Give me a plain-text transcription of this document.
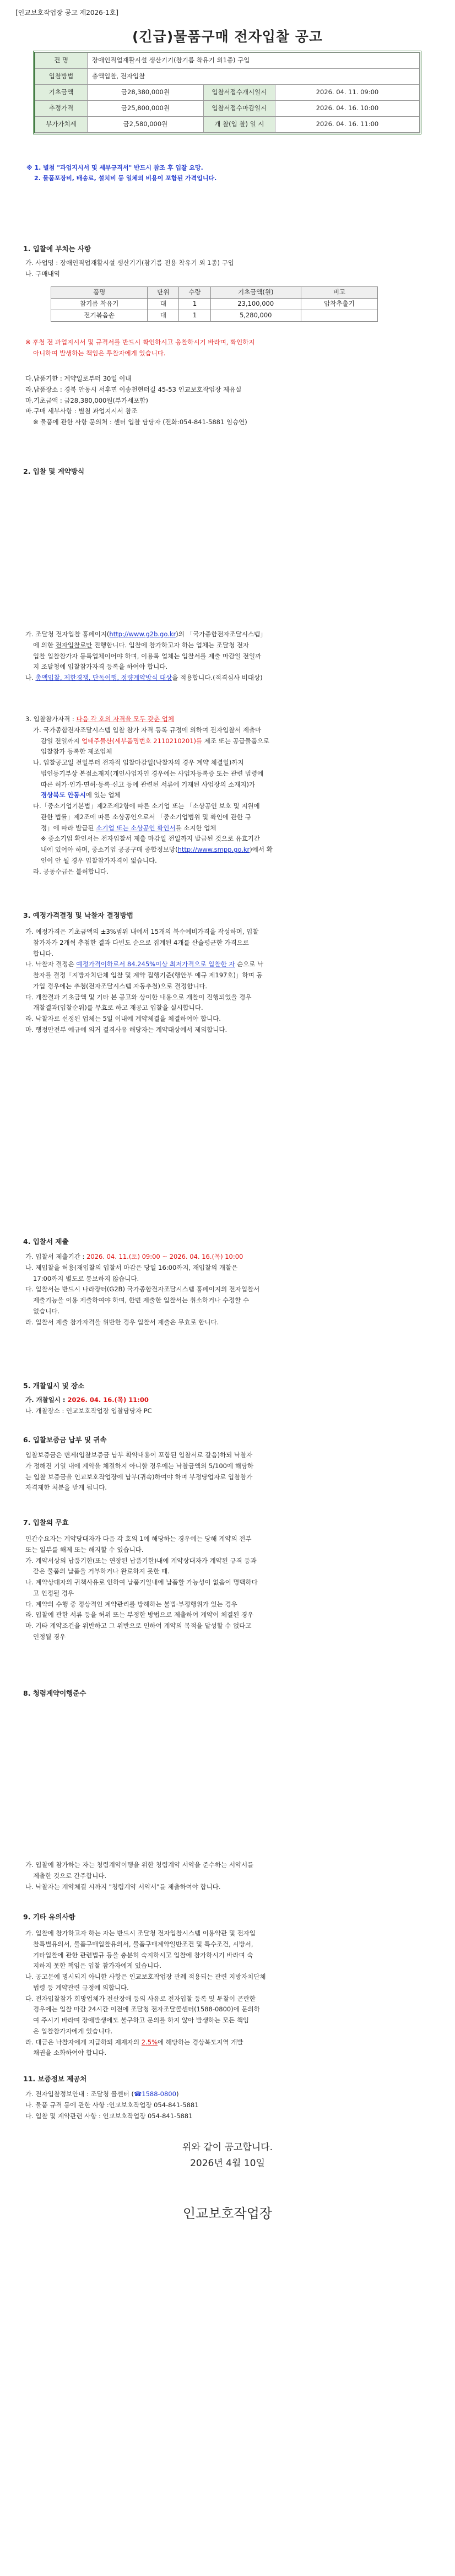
[인교보호작업장 공고 제2026-1호]
(긴급)물품구매 전자입찰 공고
건 명	장애인직업재활시설 생산기기(참기름 착유기 외1종) 구입		
입찰방법	총액입찰, 전자입찰		
기초금액	금28,380,000원	입찰서접수개시일시	2026. 04. 11. 09:00
추정가격	금25,800,000원	입찰서접수마감일시	2026. 04. 16. 10:00
부가가치세	금2,580,000원	개 찰(입 찰) 일 시	2026. 04. 16. 11:00
※ 1. 별첨 "과업지시서 및 세부규격서" 반드시 참조 후 입찰 요망.
2. 물품포장비, 배송료, 설치비 등 일체의 비용이 포함된 가격입니다.
1. 입찰에 부치는 사항
가. 사업명 : 장애인직업재활시설 생산기기(참기름 전용 착유기 외 1종) 구입
나. 구매내역
품명	단위	수량	기초금액(원)	비고
참기름 착유기	대	1	23,100,000	압착추출기
전기볶음솥	대	1	5,280,000	
※ 후첨 전 과업지시서 및 규격서를 반드시 확인하시고 응찰하시기 바라며, 확인하지
아니하여 발생하는 책임은 투찰자에게 있습니다.
다.납품기한 : 계약일로부터 30일 이내
라.납품장소 : 경북 안동시 서후면 이송천현터길 45-53 인교보호작업장 제유실
마.기초금액 : 금28,380,000원(부가세포함)
바.구매 세부사항 : 별첨 과업지시서 참조
※ 물품에 관한 사항 문의처 : 센터 입찰 담당자 (전화:054-841-5881 임승연)
2. 입찰 및 계약방식
가. 조달청 전자입찰 홈페이지(http://www.g2b.go.kr)의 「국가종합전자조달시스템」
에 의한 전자입찰로만 진행합니다. 입찰에 참가하고자 하는 업체는 조달청 전자
입찰 입찰참가자 등록업체이어야 하며, 이용록 업체는 입찰서를 제출 마감일 전일까
지 조달청에 입찰참가자격 등록을 하여야 합니다.
나. 총액입찰, 제한경쟁, 단독이행, 정량계약방식 대상을 적용합니다.(적격심사 비대상)
3. 입찰참가자격 : 다음 각 호의 자격을 모두 갖춘 업체
가. 국가종합전자조달시스템 입찰 참가 자격 등록 규정에 의하여 전자입찰서 제출마
감일 전일까지 업태주물산(세부품명번호 2110210201)를 제조 또는 공급물품으로
입찰참가 등록한 제조업체
나. 입찰공고일 전일부터 전자적 입찰마감일(낙찰자의 경우 계약 체결일)까지
법인등기부상 본점소재지(개인사업자인 경우에는 사업자등록증 또는 관련 법령에
따른 허가·인가·면허·등록·신고 등에 관련된 서류에 기재된 사업장의 소재지)가
경상북도 안동시에 있는 업체
다.「중소기업기본법」제2조제2항에 따른 소기업 또는 「소상공인 보호 및 지원에
관한 법률」제2조에 따른 소상공인으로서 「중소기업범위 및 확인에 관한 규
정」에 따라 발급된 소기업 또는 소상공인 확인서를 소지한 업체
※ 중소기업 확인서는 전자입찰서 제출 마감일 전일까지 발급된 것으로 유효기간
내에 있어야 하며, 중소기업 공공구매 종합정보망(http://www.smpp.go.kr)에서 확
인이 안 될 경우 입찰참가자격이 없습니다.
라. 공동수급은 불허합니다.
3. 예정가격결정 및 낙찰자 결정방법
가. 예정가격은 기초금액의 ±3%범위 내에서 15개의 복수예비가격을 작성하며, 입찰
참가자가 2개씩 추첨한 결과 다빈도 순으로 집계된 4개를 산술평균한 가격으로
합니다.
나. 낙찰자 결정은 예정가격이하로서 84.245%이상 최저가격으로 입찰한 자 순으로 낙
찰자를 결정「지방자치단체 입찰 및 계약 집행기준(행안부 예규 제197호)」하며 동
가입 경우에는 추첨(전자조달시스템 자동추첨)으로 결정합니다.
다. 개찰결과 기초금액 및 기타 본 공고와 상이한 내용으로 개찰이 진행되었을 경우
개찰결과(입찰순위)를 무효로 하고 재공고 입찰을 실시합니다.
라. 낙찰자로 선정된 업체는 5일 이내에 계약체결을 체결하여야 합니다.
마. 행정안전부 예규에 의거 결격사유 해당자는 계약대상에서 제외합니다.
4. 입찰서 제출
가. 입찰서 제출기간 : 2026. 04. 11.(토) 09:00 ~ 2026. 04. 16.(목) 10:00
나. 제입찰을 허용(재입찰의 입찰서 마감은 당일 16:00까지, 재입찰의 개찰은
17:00까지 별도로 통보하지 않습니다.
다. 입찰서는 반드시 나라장터(G2B) 국가종합전자조달시스템 홈페이지의 전자입찰서
제출기능을 이용 제출하여야 하며, 한번 제출한 입찰서는 취소하거나 수정할 수
없습니다.
라. 입찰서 제출 참가자격을 위반한 경우 입찰서 제출은 무효로 합니다.
5. 개찰일시 및 장소
가. 개찰일시 : 2026. 04. 16.(목) 11:00
나. 개찰장소 : 인교보호작업장 입찰담당자 PC
6. 입찰보증금 납부 및 귀속
입찰보증금은 면제(입찰보증금 납부 확약내용이 포함된 입찰서로 갈음)하되 낙찰자
가 정해진 기일 내에 계약을 체결하지 아니할 경우에는 낙찰금액의 5/100에 해당하
는 입찰 보증금을 인교보호작업장에 납부(귀속)하여야 하며 부정당업자로 입찰참가
자격제한 처분을 받게 됩니다.
7. 입찰의 무효
민간수요자는 계약당대자가 다음 각 호의 1에 해당하는 경우에는 당해 계약의 전부
또는 일부를 해제 또는 해지할 수 있습니다.
가. 계약서상의 납품기한(또는 연장된 납품기한)내에 계약상대자가 계약된 규격 등과
같은 물품의 납품을 거부하거나 완료하지 못한 때.
나. 계약상대자의 귀책사유로 인하여 납품기일내에 납품할 가능성이 없음이 명백하다
고 인정될 경우
다. 계약의 수행 중 정상적인 계약관리를 방해하는 불법·부정행위가 있는 경우
라. 입찰에 관한 서류 등을 허위 또는 부정한 방법으로 제출하여 계약이 체결된 경우
마. 기타 계약조건을 위반하고 그 위반으로 인하여 계약의 목적을 달성할 수 없다고
인정될 경우
8. 청렴계약이행준수
가. 입찰에 참가하는 자는 청렴계약이행을 위한 청렴계약 서약을 준수하는 서약서를
제출한 것으로 간주합니다.
나. 낙찰자는 계약체결 시까지 "청렴계약 서약서"를 제출하여야 합니다.
9. 기타 유의사항
가. 입찰에 참가하고자 하는 자는 반드시 조달청 전자입찰시스템 이용약관 및 전자입
찰특별유의서, 물품구매입찰유의서, 물품구매계약일반조건 및 특수조건, 시방서,
기타입찰에 관한 관련법규 등을 충분히 숙지하시고 입찰에 참가하시기 바라며 숙
지하지 못한 책임은 입찰 참가자에게 있습니다.
나. 공고문에 명시되지 아니한 사항은 인교보호작업장 관례 적용되는 관련 지방자치단체
법령 등 계약관련 규정에 의합니다.
다. 전자입찰참가 희망업체가 전산장애 등의 사유로 전자입찰 등록 및 투찰이 곤란한
경우에는 입찰 마감 24시간 이전에 조달청 전자조달콜센터(1588-0800)에 문의하
여 주시기 바라며 장애발생에도 불구하고 문의를 하지 않아 발생하는 모든 책임
은 입찰참가자에게 있습니다.
라. 대금은 낙찰자에게 지급하되 제재자의 2.5%에 해당하는 경상북도지역 개발
채권을 소화하여야 합니다.
11. 보증정보 제공처
가. 전자입찰정보안내 : 조달청 콜센터 (☎1588-0800)
나. 물품 규격 등에 관한 사항 :인교보호작업장 054-841-5881
다. 입찰 및 계약관련 사항 : 인교보호작업장 054-841-5881
위와 같이 공고합니다.
2026년 4월 10일
인교보호작업장
